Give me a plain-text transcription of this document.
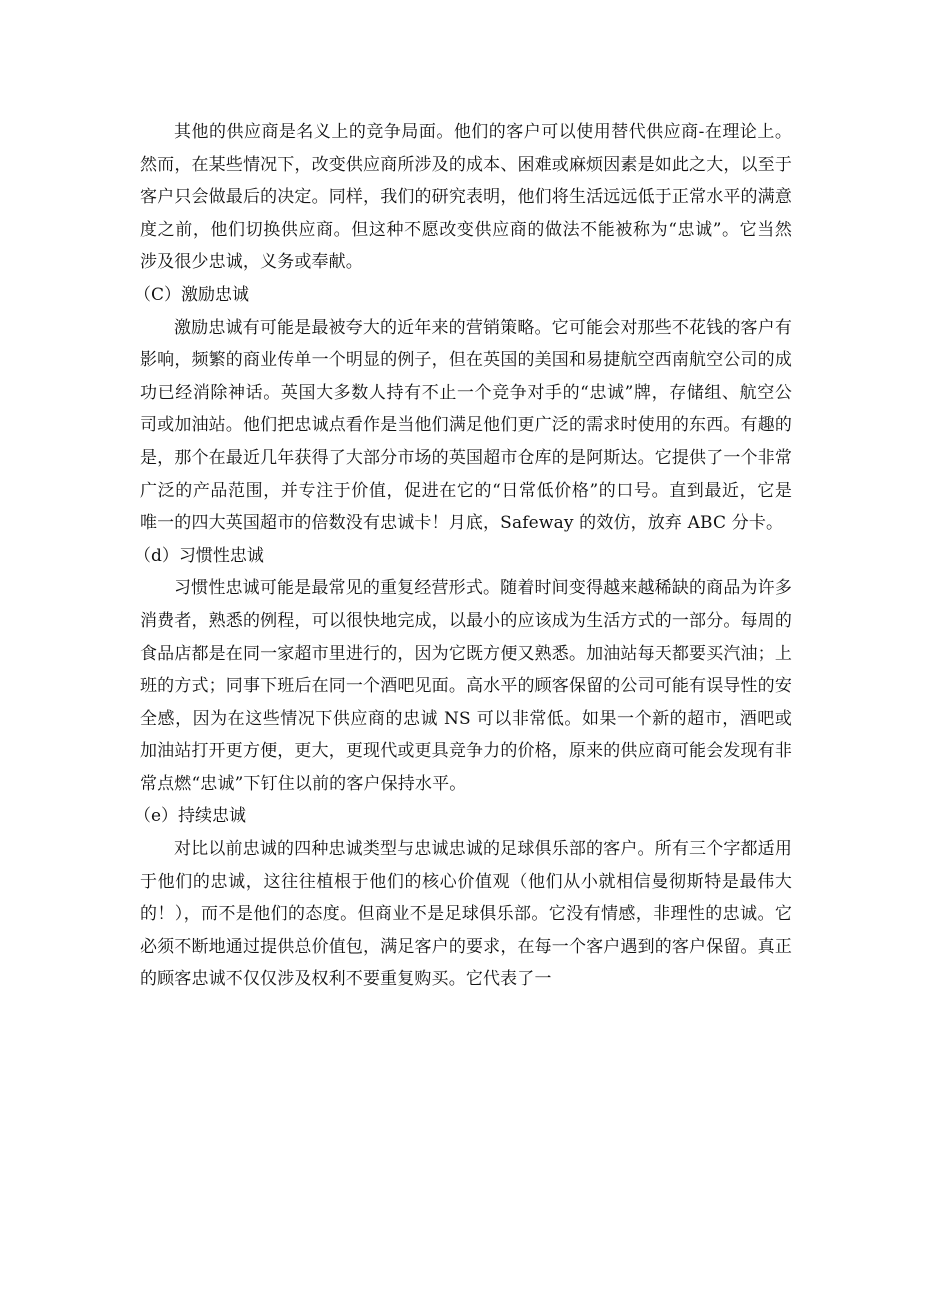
其他的供应商是名义上的竞争局面。他们的客户可以使用替代供应商-在理论上。然而，在某些情况下，改变供应商所涉及的成本、困难或麻烦因素是如此之大，以至于客户只会做最后的决定。同样，我们的研究表明，他们将生活远远低于正常水平的满意度之前，他们切换供应商。但这种不愿改变供应商的做法不能被称为“忠诚”。它当然涉及很少忠诚，义务或奉献。

（C）激励忠诚

激励忠诚有可能是最被夸大的近年来的营销策略。它可能会对那些不花钱的客户有影响，频繁的商业传单一个明显的例子，但在英国的美国和易捷航空西南航空公司的成功已经消除神话。英国大多数人持有不止一个竞争对手的“忠诚”牌，存储组、航空公司或加油站。他们把忠诚点看作是当他们满足他们更广泛的需求时使用的东西。有趣的是，那个在最近几年获得了大部分市场的英国超市仓库的是阿斯达。它提供了一个非常广泛的产品范围，并专注于价值，促进在它的“日常低价格”的口号。直到最近，它是唯一的四大英国超市的倍数没有忠诚卡！月底，Safeway 的效仿，放弃 ABC 分卡。

（d）习惯性忠诚

习惯性忠诚可能是最常见的重复经营形式。随着时间变得越来越稀缺的商品为许多消费者，熟悉的例程，可以很快地完成，以最小的应该成为生活方式的一部分。每周的食品店都是在同一家超市里进行的，因为它既方便又熟悉。加油站每天都要买汽油；上班的方式；同事下班后在同一个酒吧见面。高水平的顾客保留的公司可能有误导性的安全感，因为在这些情况下供应商的忠诚 NS 可以非常低。如果一个新的超市，酒吧或加油站打开更方便，更大，更现代或更具竞争力的价格，原来的供应商可能会发现有非常点燃“忠诚”下钉住以前的客户保持水平。

（e）持续忠诚

对比以前忠诚的四种忠诚类型与忠诚忠诚的足球俱乐部的客户。所有三个字都适用于他们的忠诚，这往往植根于他们的核心价值观（他们从小就相信曼彻斯特是最伟大的！），而不是他们的态度。但商业不是足球俱乐部。它没有情感，非理性的忠诚。它必须不断地通过提供总价值包，满足客户的要求，在每一个客户遇到的客户保留。真正的顾客忠诚不仅仅涉及权利不要重复购买。它代表了一
